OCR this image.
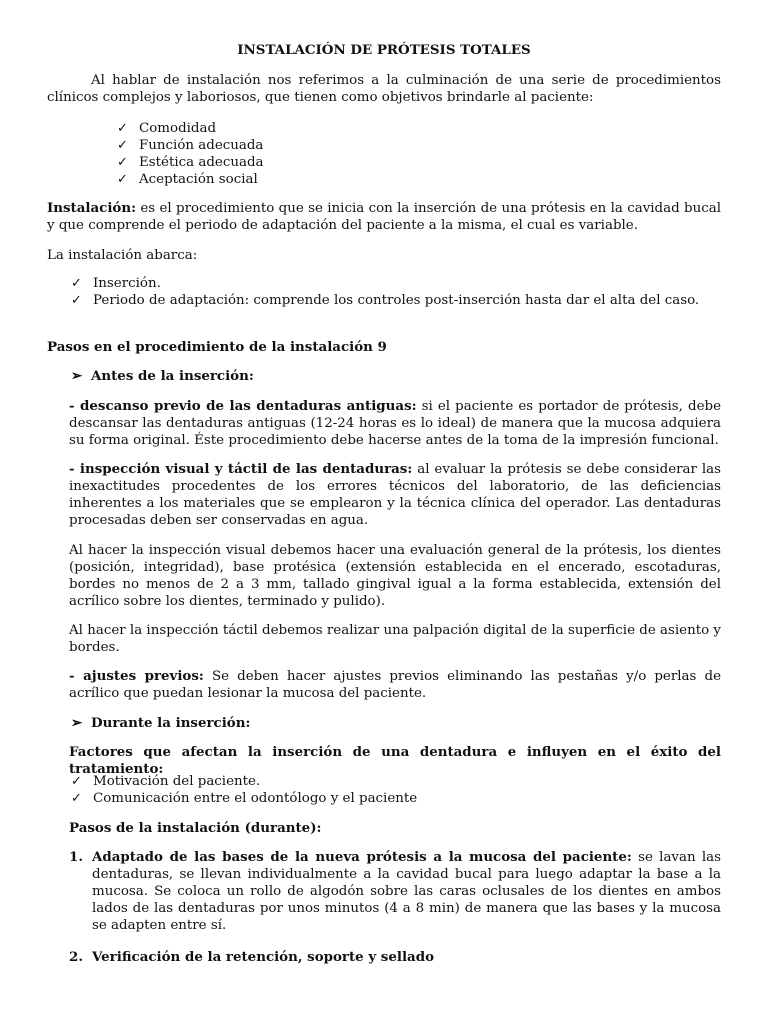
INSTALACIÓN DE PRÓTESIS TOTALES
Al hablar de instalación nos referimos a la culminación de una serie de procedimientos clínicos complejos y laboriosos, que tienen como objetivos brindarle al paciente:
✓ Comodidad
✓ Función adecuada
✓ Estética adecuada
✓ Aceptación social
Instalación: es el procedimiento que se inicia con la inserción de una prótesis en la cavidad bucal y que comprende el periodo de adaptación del paciente a la misma, el cual es variable.
La instalación abarca:
✓ Inserción.
✓ Periodo de adaptación: comprende los controles post-inserción hasta dar el alta del caso.
Pasos en el procedimiento de la instalación 9
➢ Antes de la inserción:
- descanso previo de las dentaduras antiguas: si el paciente es portador de prótesis, debe descansar las dentaduras antiguas (12-24 horas es lo ideal) de manera que la mucosa adquiera su forma original. Éste procedimiento debe hacerse antes de la toma de la impresión funcional.
- inspección visual y táctil de las dentaduras: al evaluar la prótesis se debe considerar las inexactitudes procedentes de los errores técnicos del laboratorio, de las deficiencias inherentes a los materiales que se emplearon y la técnica clínica del operador. Las dentaduras procesadas deben ser conservadas en agua.
Al hacer la inspección visual debemos hacer una evaluación general de la prótesis, los dientes (posición, integridad), base protésica (extensión establecida en el encerado, escotaduras, bordes no menos de 2 a 3 mm, tallado gingival igual a la forma establecida, extensión del acrílico sobre los dientes, terminado y pulido).
Al hacer la inspección táctil debemos realizar una palpación digital de la superficie de asiento y bordes.
- ajustes previos: Se deben hacer ajustes previos eliminando las pestañas y/o perlas de acrílico que puedan lesionar la mucosa del paciente.
➢ Durante la inserción:
Factores que afectan la inserción de una dentadura e influyen en el éxito del tratamiento:
✓ Motivación del paciente.
✓ Comunicación entre el odontólogo y el paciente
Pasos de la instalación (durante):
1. Adaptado de las bases de la nueva prótesis a la mucosa del paciente: se lavan las dentaduras, se llevan individualmente a la cavidad bucal para luego adaptar la base a la mucosa. Se coloca un rollo de algodón sobre las caras oclusales de los dientes en ambos lados de las dentaduras por unos minutos (4 a 8 min) de manera que las bases y la mucosa se adapten entre sí.
2. Verificación de la retención, soporte y sellado
